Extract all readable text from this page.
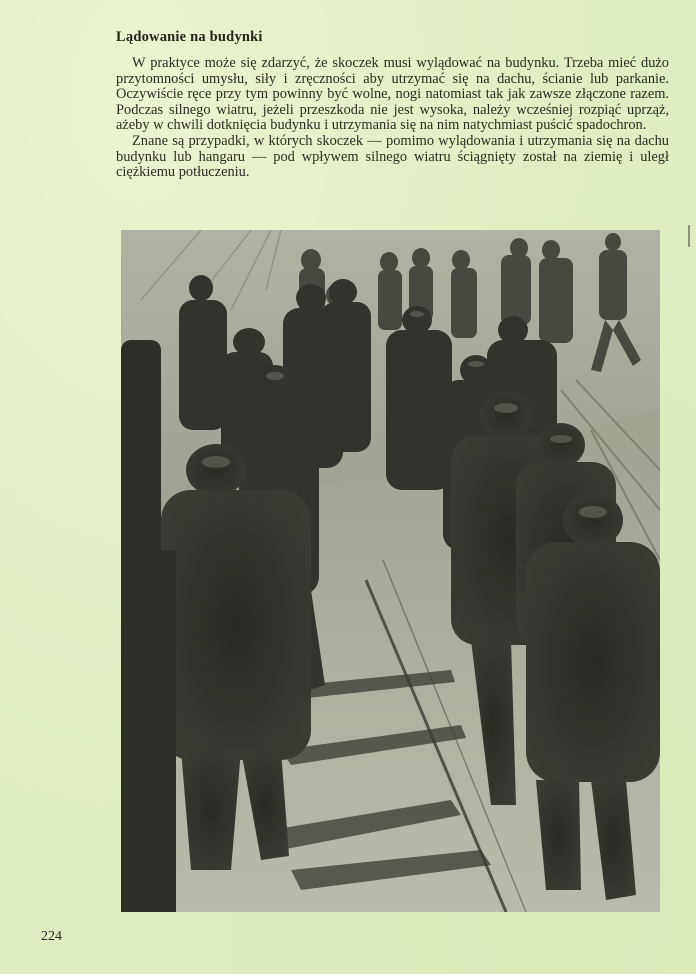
Lądowanie na budynki

W praktyce może się zdarzyć, że skoczek musi wylądować na budynku. Trzeba mieć dużo przytomności umysłu, siły i zręczności aby utrzymać się na dachu, ścianie lub parkanie. Oczywiście ręce przy tym powinny być wolne, nogi natomiast tak jak zawsze złączone razem. Podczas silnego wiatru, jeżeli przeszkoda nie jest wysoka, należy wcześniej rozpiąć uprząż, ażeby w chwili dotknięcia budynku i utrzymania się na nim natychmiast puścić spadochron.

Znane są przypadki, w których skoczek — pomimo wylądowania i utrzymania się na dachu budynku lub hangaru — pod wpływem silnego wiatru ściągnięty został na ziemię i uległ ciężkiemu potłuczeniu.

224
